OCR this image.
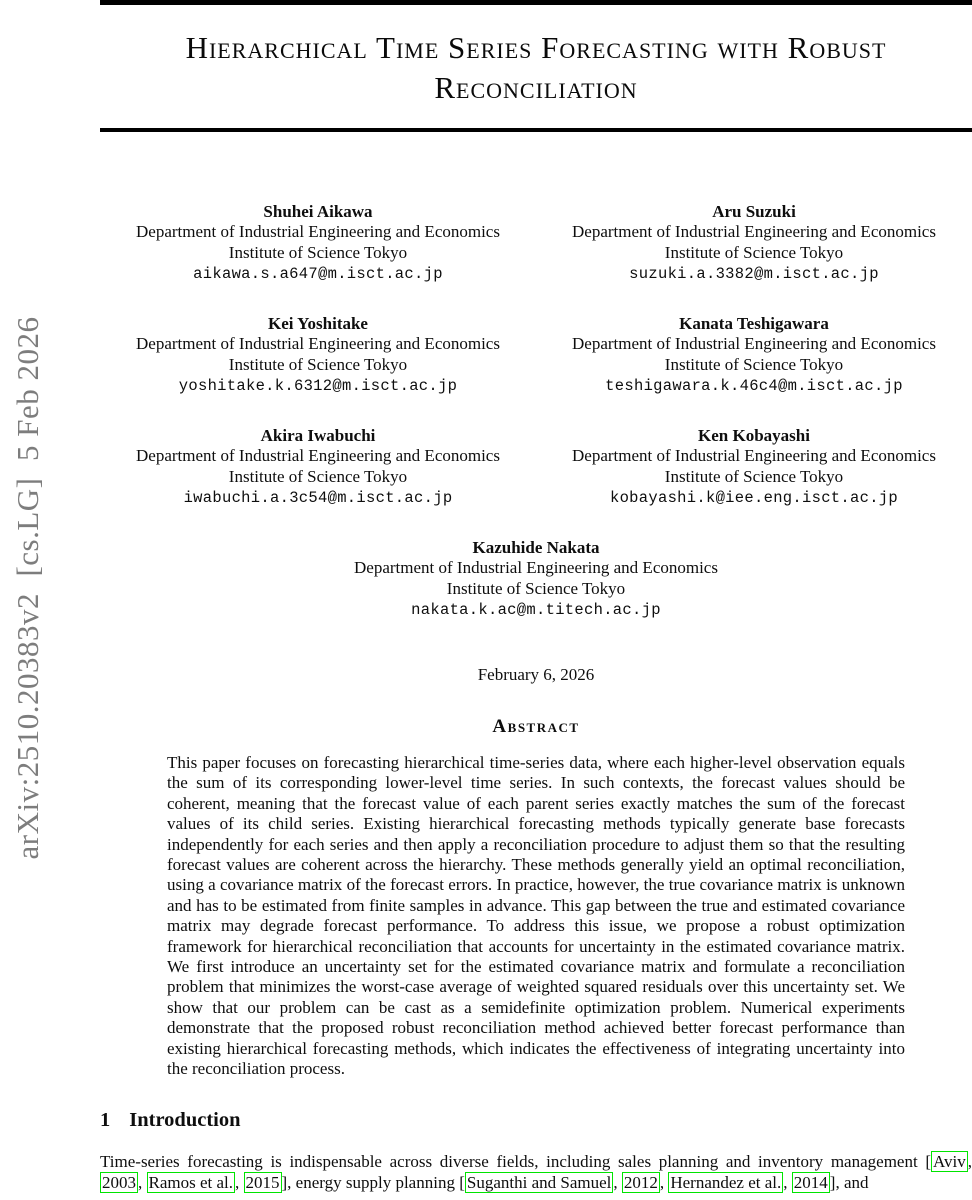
arXiv:2510.20383v2  [cs.LG]  5 Feb 2026
Hierarchical Time Series Forecasting with Robust Reconciliation
Shuhei Aikawa
Department of Industrial Engineering and Economics
Institute of Science Tokyo
aikawa.s.a647@m.isct.ac.jp
Aru Suzuki
Department of Industrial Engineering and Economics
Institute of Science Tokyo
suzuki.a.3382@m.isct.ac.jp
Kei Yoshitake
Department of Industrial Engineering and Economics
Institute of Science Tokyo
yoshitake.k.6312@m.isct.ac.jp
Kanata Teshigawara
Department of Industrial Engineering and Economics
Institute of Science Tokyo
teshigawara.k.46c4@m.isct.ac.jp
Akira Iwabuchi
Department of Industrial Engineering and Economics
Institute of Science Tokyo
iwabuchi.a.3c54@m.isct.ac.jp
Ken Kobayashi
Department of Industrial Engineering and Economics
Institute of Science Tokyo
kobayashi.k@iee.eng.isct.ac.jp
Kazuhide Nakata
Department of Industrial Engineering and Economics
Institute of Science Tokyo
nakata.k.ac@m.titech.ac.jp
February 6, 2026
Abstract

This paper focuses on forecasting hierarchical time-series data, where each higher-level observation equals the sum of its corresponding lower-level time series. In such contexts, the forecast values should be coherent, meaning that the forecast value of each parent series exactly matches the sum of the forecast values of its child series. Existing hierarchical forecasting methods typically generate base forecasts independently for each series and then apply a reconciliation procedure to adjust them so that the resulting forecast values are coherent across the hierarchy. These methods generally yield an optimal reconciliation, using a covariance matrix of the forecast errors. In practice, however, the true covariance matrix is unknown and has to be estimated from finite samples in advance. This gap between the true and estimated covariance matrix may degrade forecast performance. To address this issue, we propose a robust optimization framework for hierarchical reconciliation that accounts for uncertainty in the estimated covariance matrix. We first introduce an uncertainty set for the estimated covariance matrix and formulate a reconciliation problem that minimizes the worst-case average of weighted squared residuals over this uncertainty set. We show that our problem can be cast as a semidefinite optimization problem. Numerical experiments demonstrate that the proposed robust reconciliation method achieved better forecast performance than existing hierarchical forecasting methods, which indicates the effectiveness of integrating uncertainty into the reconciliation process.

1 Introduction

Time-series forecasting is indispensable across diverse fields, including sales planning and inventory management [ Aviv , 2003 , Ramos et al. , 2015 ], energy supply planning [ Suganthi and Samuel , 2012 , Hernandez et al. , 2014 ], and
